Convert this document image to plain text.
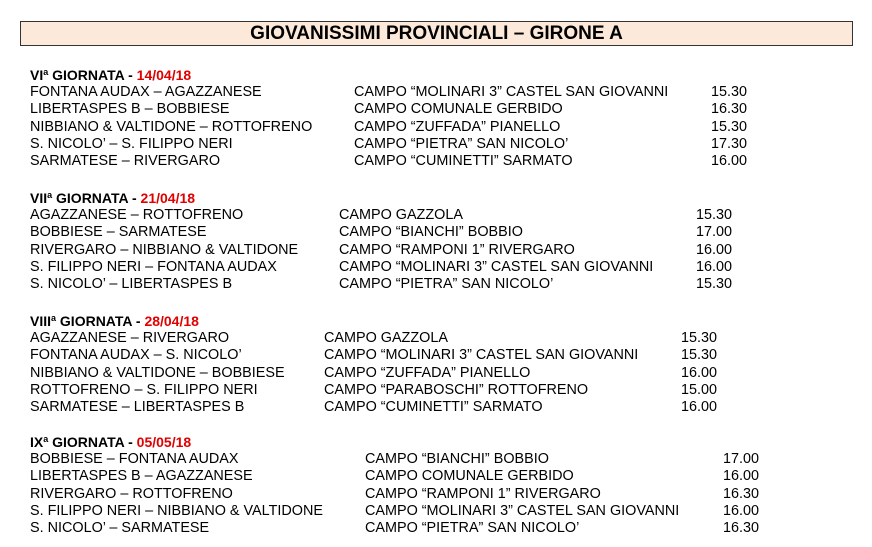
GIOVANISSIMI PROVINCIALI – GIRONE A
$VI^a$ GIORNATA - 14/04/18
FONTANA AUDAX – AGAZZANESE	CAMPO “MOLINARI 3” CASTEL SAN GIOVANNI	15.30
LIBERTASPES B – BOBBIESE	CAMPO COMUNALE GERBIDO	16.30
NIBBIANO & VALTIDONE – ROTTOFRENO	CAMPO “ZUFFADA” PIANELLO	15.30
S. NICOLO’ – S. FILIPPO NERI	CAMPO “PIETRA” SAN NICOLO’	17.30
SARMATESE – RIVERGARO	CAMPO “CUMINETTI” SARMATO	16.00
VII$^a$ GIORNATA - 21/04/18
AGAZZANESE – ROTTOFRENO	CAMPO GAZZOLA	15.30
BOBBIESE – SARMATESE	CAMPO “BIANCHI” BOBBIO	17.00
RIVERGARO – NIBBIANO & VALTIDONE	CAMPO “RAMPONI 1” RIVERGARO	16.00
S. FILIPPO NERI – FONTANA AUDAX	CAMPO “MOLINARI 3” CASTEL SAN GIOVANNI	16.00
S. NICOLO’ – LIBERTASPES B	CAMPO “PIETRA” SAN NICOLO’	15.30
VIII$^a$ GIORNATA - 28/04/18
AGAZZANESE – RIVERGARO	CAMPO GAZZOLA	15.30
FONTANA AUDAX – S. NICOLO’	CAMPO “MOLINARI 3” CASTEL SAN GIOVANNI	15.30
NIBBIANO & VALTIDONE – BOBBIESE	CAMPO “ZUFFADA” PIANELLO	16.00
ROTTOFRENO – S. FILIPPO NERI	CAMPO “PARABOSCHI” ROTTOFRENO	15.00
SARMATESE – LIBERTASPES B	CAMPO “CUMINETTI” SARMATO	16.00
$IX^a$ GIORNATA - 05/05/18
BOBBIESE – FONTANA AUDAX	CAMPO “BIANCHI” BOBBIO	17.00
LIBERTASPES B – AGAZZANESE	CAMPO COMUNALE GERBIDO	16.00
RIVERGARO – ROTTOFRENO	CAMPO “RAMPONI 1” RIVERGARO	16.30
S. FILIPPO NERI – NIBBIANO & VALTIDONE	CAMPO “MOLINARI 3” CASTEL SAN GIOVANNI	16.00
S. NICOLO’ – SARMATESE	CAMPO “PIETRA” SAN NICOLO’	16.30
